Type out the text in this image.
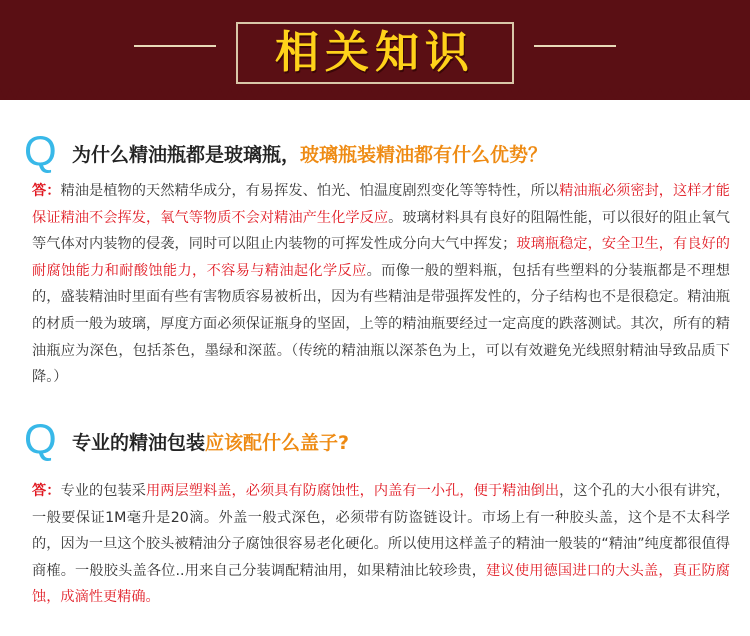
相关知识
Q 为什么精油瓶都是玻璃瓶，玻璃瓶装精油都有什么优势？
答：精油是植物的天然精华成分，有易挥发、怕光、怕温度剧烈变化等等特性，所以精油瓶必须密封，这样才能保证精油不会挥发，氧气等物质不会对精油产生化学反应。玻璃材料具有良好的阻隔性能，可以很好的阻止氧气等气体对内装物的侵袭，同时可以阻止内装物的可挥发性成分向大气中挥发；玻璃瓶稳定，安全卫生，有良好的耐腐蚀能力和耐酸蚀能力，不容易与精油起化学反应。而像一般的塑料瓶，包括有些塑料的分装瓶都是不理想的，盛装精油时里面有些有害物质容易被析出，因为有些精油是带强挥发性的，分子结构也不是很稳定。精油瓶的材质一般为玻璃，厚度方面必须保证瓶身的坚固，上等的精油瓶要经过一定高度的跌落测试。其次，所有的精油瓶应为深色，包括茶色，墨绿和深蓝。（传统的精油瓶以深茶色为上，可以有效避免光线照射精油导致品质下降。）
Q 专业的精油包装应该配什么盖子?
答：专业的包装采用两层塑料盖，必须具有防腐蚀性，内盖有一小孔，便于精油倒出，这个孔的大小很有讲究，一般要保证1M毫升是20滴。外盖一般式深色，必须带有防盗链设计。市场上有一种胶头盖，这个是不太科学的，因为一旦这个胶头被精油分子腐蚀很容易老化硬化。所以使用这样盖子的精油一般装的“精油”纯度都很值得商榷。一般胶头盖各位..用来自己分装调配精油用，如果精油比较珍贵，建议使用德国进口的大头盖，真正防腐蚀，成滴性更精确。
